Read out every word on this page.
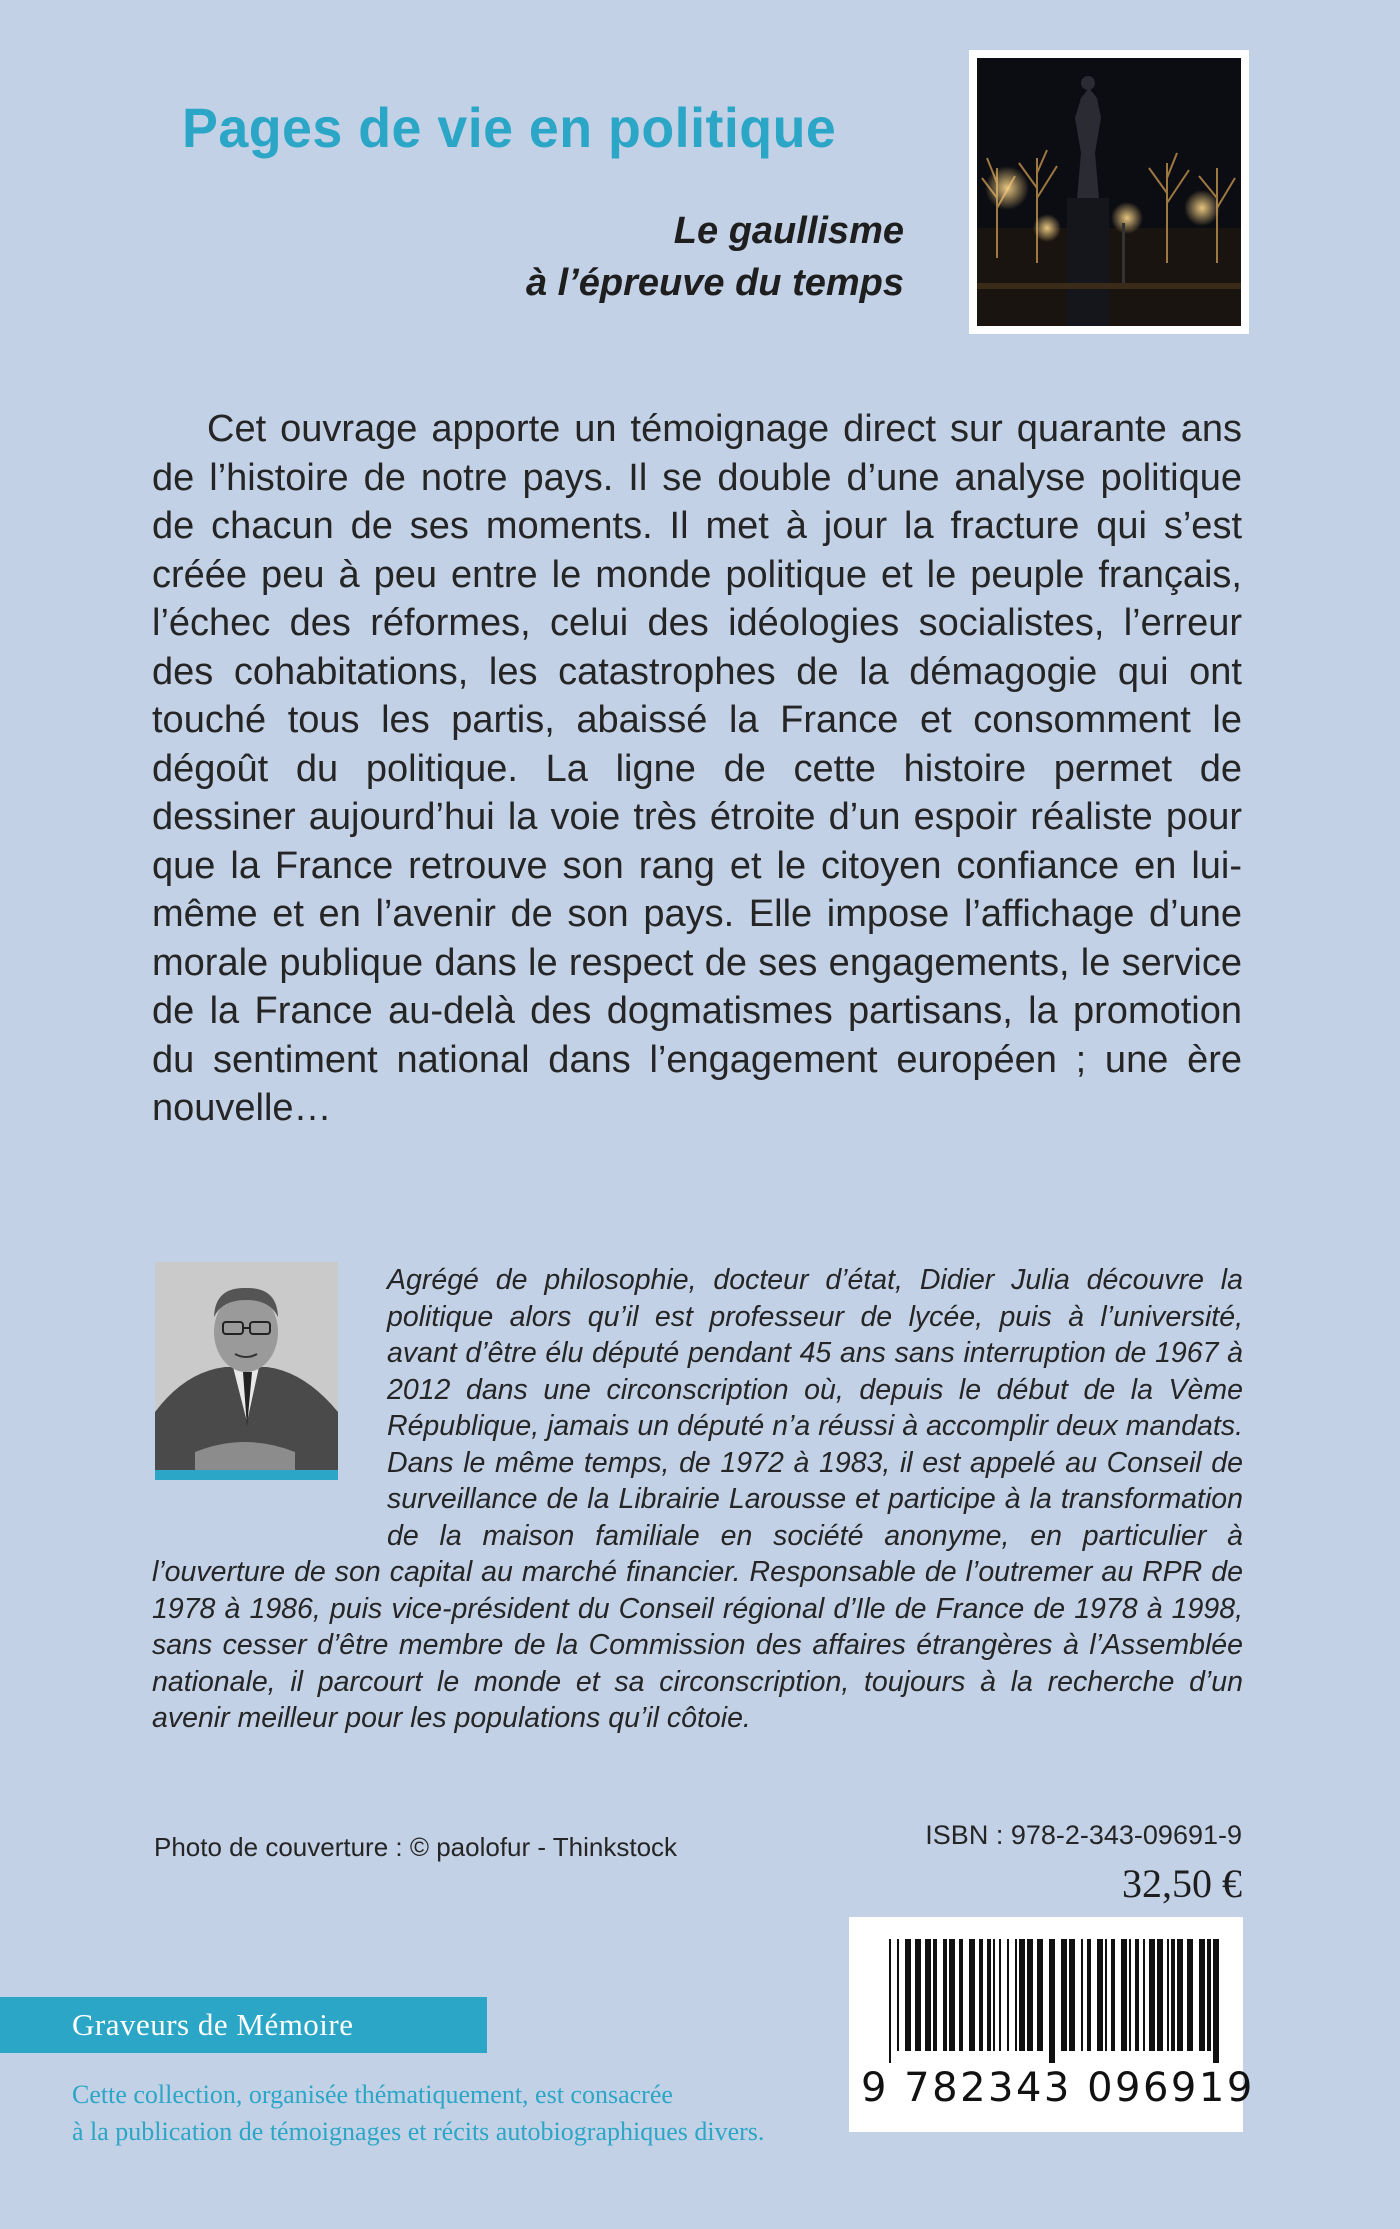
Pages de vie en politique
Le gaullisme
à l’épreuve du temps

Cet ouvrage apporte un témoignage direct sur quarante ans de l’histoire de notre pays. Il se double d’une analyse politique de chacun de ses moments. Il met à jour la fracture qui s’est créée peu à peu entre le monde politique et le peuple français, l’échec des réformes, celui des idéologies socialistes, l’erreur des cohabitations, les catastrophes de la démagogie qui ont touché tous les partis, abaissé la France et consomment le dégoût du politique. La ligne de cette histoire permet de dessiner aujourd’hui la voie très étroite d’un espoir réaliste pour que la France retrouve son rang et le citoyen confiance en lui-même et en l’avenir de son pays. Elle impose l’affichage d’une morale publique dans le respect de ses engagements, le service de la France au-delà des dogmatismes partisans, la promotion du sentiment national dans l’engagement européen ; une ère nouvelle…

Agrégé de philosophie, docteur d’état, Didier Julia découvre la politique alors qu’il est professeur de lycée, puis à l’université, avant d’être élu député pendant 45 ans sans interruption de 1967 à 2012 dans une circonscription où, depuis le début de la Vème République, jamais un député n’a réussi à accomplir deux mandats. Dans le même temps, de 1972 à 1983, il est appelé au Conseil de surveillance de la Librairie Larousse et participe à la transformation de la maison familiale en société anonyme, en particulier à l’ouverture de son capital au marché financier. Responsable de l’outremer au RPR de 1978 à 1986, puis vice-président du Conseil régional d’Ile de France de 1978 à 1998, sans cesser d’être membre de la Commission des affaires étrangères à l’Assemblée nationale, il parcourt le monde et sa circonscription, toujours à la recherche d’un avenir meilleur pour les populations qu’il côtoie.
Photo de couverture : © paolofur - Thinkstock	ISBN : 978-2-343-09691-9
32,50 €
9 782343 096919
Graveurs de Mémoire

Cette collection, organisée thématiquement, est consacrée
à la publication de témoignages et récits autobiographiques divers.
